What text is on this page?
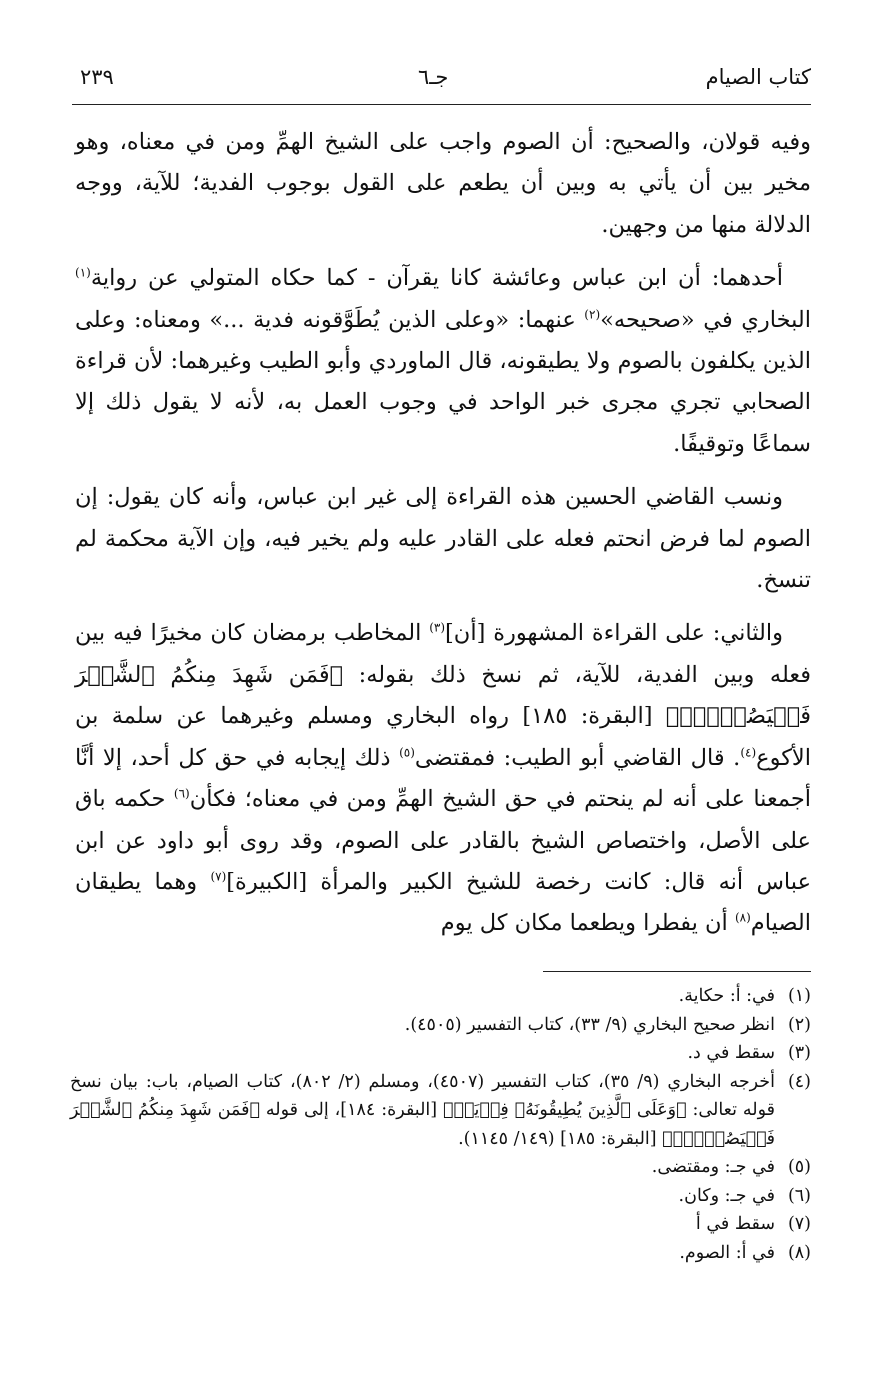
كتاب الصيام
جـ٦
٢٣٩

وفيه قولان، والصحيح: أن الصوم واجب على الشيخ الهمِّ ومن في معناه، وهو مخير بين أن يأتي به وبين أن يطعم على القول بوجوب الفدية؛ للآية، ووجه الدلالة منها من وجهين.

أحدهما: أن ابن عباس وعائشة كانا يقرآن - كما حكاه المتولي عن رواية$^{(١)}$ البخاري في «صحيحه»$^{(٢)}$ عنهما: «وعلى الذين يُطَوَّقونه فدية ...» ومعناه: وعلى الذين يكلفون بالصوم ولا يطيقونه، قال الماوردي وأبو الطيب وغيرهما: لأن قراءة الصحابي تجري مجرى خبر الواحد في وجوب العمل به، لأنه لا يقول ذلك إلا سماعًا وتوقيفًا.

ونسب القاضي الحسين هذه القراءة إلى غير ابن عباس، وأنه كان يقول: إن الصوم لما فرض انحتم فعله على القادر عليه ولم يخير فيه، وإن الآية محكمة لم تنسخ.

والثاني: على القراءة المشهورة [أن]$^{(٣)}$ المخاطب برمضان كان مخيرًا فيه بين فعله وبين الفدية، للآية، ثم نسخ ذلك بقوله: ﴿فَمَن شَهِدَ مِنكُمُ ٱلشَّهۡرَ فَلۡيَصُمۡهُۖ﴾ [البقرة: ١٨٥] رواه البخاري ومسلم وغيرهما عن سلمة بن الأكوع$^{(٤)}$. قال القاضي أبو الطيب: فمقتضى$^{(٥)}$ ذلك إيجابه في حق كل أحد، إلا أنَّا أجمعنا على أنه لم ينحتم في حق الشيخ الهمِّ ومن في معناه؛ فكأن$^{(٦)}$ حكمه باق على الأصل، واختصاص الشيخ بالقادر على الصوم، وقد روى أبو داود عن ابن عباس أنه قال: كانت رخصة للشيخ الكبير والمرأة [الكبيرة]$^{(٧)}$ وهما يطيقان الصيام$^{(٨)}$ أن يفطرا ويطعما مكان كل يوم

(١)
في: أ: حكاية.
(٢)
انظر صحيح البخاري (٩/ ٣٣)، كتاب التفسير (٤٥٠٥).
(٣)
سقط في د.
(٤)
أخرجه البخاري (٩/ ٣٥)، كتاب التفسير (٤٥٠٧)، ومسلم (٢/ ٨٠٢)، كتاب الصيام، باب: بيان نسخ قوله تعالى: ﴿وَعَلَى ٱلَّذِينَ يُطِيقُونَهُۥ فِدۡيَةٞ﴾ [البقرة: ١٨٤]، إلى قوله ﴿فَمَن شَهِدَ مِنكُمُ ٱلشَّهۡرَ فَلۡيَصُمۡهُۖ﴾ [البقرة: ١٨٥] (١٤٩/ ١١٤٥).
(٥)
في جـ: ومقتضى.
(٦)
في جـ: وكان.
(٧)
سقط في أ
(٨)
في أ: الصوم.
